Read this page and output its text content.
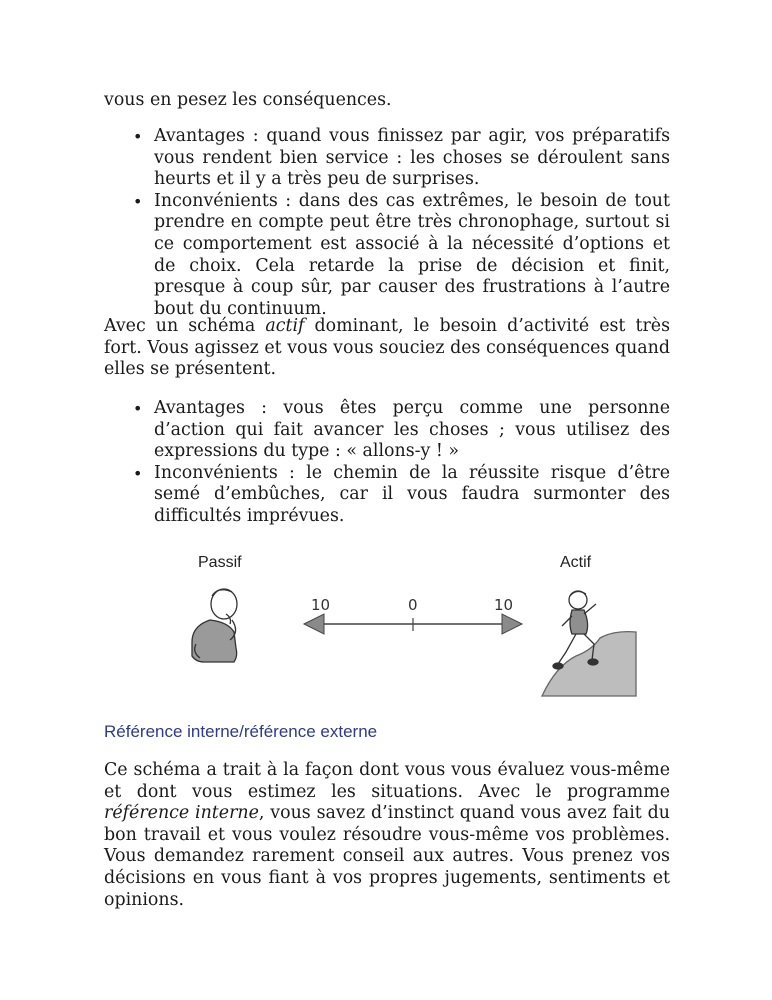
vous en pesez les conséquences.

• Avantages : quand vous finissez par agir, vos préparatifs vous rendent bien service : les choses se déroulent sans heurts et il y a très peu de surprises.
• Inconvénients : dans des cas extrêmes, le besoin de tout prendre en compte peut être très chronophage, surtout si ce comportement est associé à la nécessité d’options et de choix. Cela retarde la prise de décision et finit, presque à coup sûr, par causer des frustrations à l’autre bout du continuum.

Avec un schéma actif dominant, le besoin d’activité est très fort. Vous agissez et vous vous souciez des conséquences quand elles se présentent.

• Avantages : vous êtes perçu comme une personne d’action qui fait avancer les choses ; vous utilisez des expressions du type : « allons-y ! »
• Inconvénients : le chemin de la réussite risque d’être semé d’embûches, car il vous faudra surmonter des difficultés imprévues.
Passif	Actif
10	0	10
Référence interne/référence externe

Ce schéma a trait à la façon dont vous vous évaluez vous-même et dont vous estimez les situations. Avec le programme référence interne, vous savez d’instinct quand vous avez fait du bon travail et vous voulez résoudre vous-même vos problèmes. Vous demandez rarement conseil aux autres. Vous prenez vos décisions en vous fiant à vos propres jugements, sentiments et opinions.
